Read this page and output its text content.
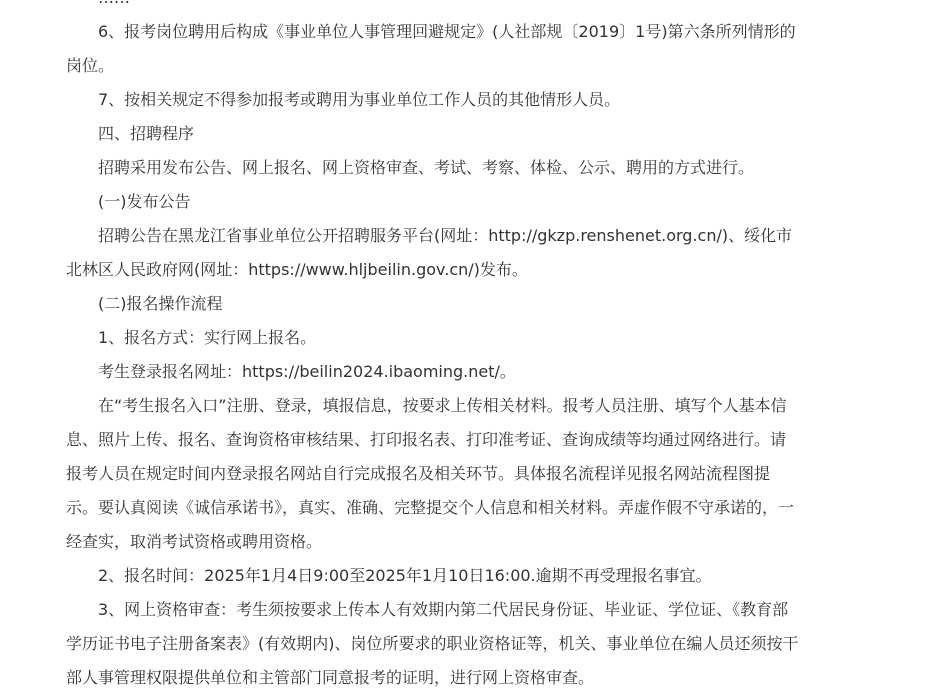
6、报考岗位聘用后构成《事业单位人事管理回避规定》(人社部规〔2019〕1号)第六条所列情形的岗位。

7、按相关规定不得参加报考或聘用为事业单位工作人员的其他情形人员。

四、招聘程序

招聘采用发布公告、网上报名、网上资格审查、考试、考察、体检、公示、聘用的方式进行。

(一)发布公告

招聘公告在黑龙江省事业单位公开招聘服务平台(网址：http://gkzp.renshenet.org.cn/)、绥化市北林区人民政府网(网址：https://www.hljbeilin.gov.cn/)发布。

(二)报名操作流程

1、报名方式：实行网上报名。

考生登录报名网址：https://beilin2024.ibaoming.net/。

在“考生报名入口”注册、登录，填报信息，按要求上传相关材料。报考人员注册、填写个人基本信息、照片上传、报名、查询资格审核结果、打印报名表、打印准考证、查询成绩等均通过网络进行。请报考人员在规定时间内登录报名网站自行完成报名及相关环节。具体报名流程详见报名网站流程图提示。要认真阅读《诚信承诺书》，真实、准确、完整提交个人信息和相关材料。弄虚作假不守承诺的，一经查实，取消考试资格或聘用资格。

2、报名时间：2025年1月4日9:00至2025年1月10日16:00.逾期不再受理报名事宜。

3、网上资格审查：考生须按要求上传本人有效期内第二代居民身份证、毕业证、学位证、《教育部学历证书电子注册备案表》(有效期内)、岗位所要求的职业资格证等，机关、事业单位在编人员还须按干部人事管理权限提供单位和主管部门同意报考的证明，进行网上资格审查。
